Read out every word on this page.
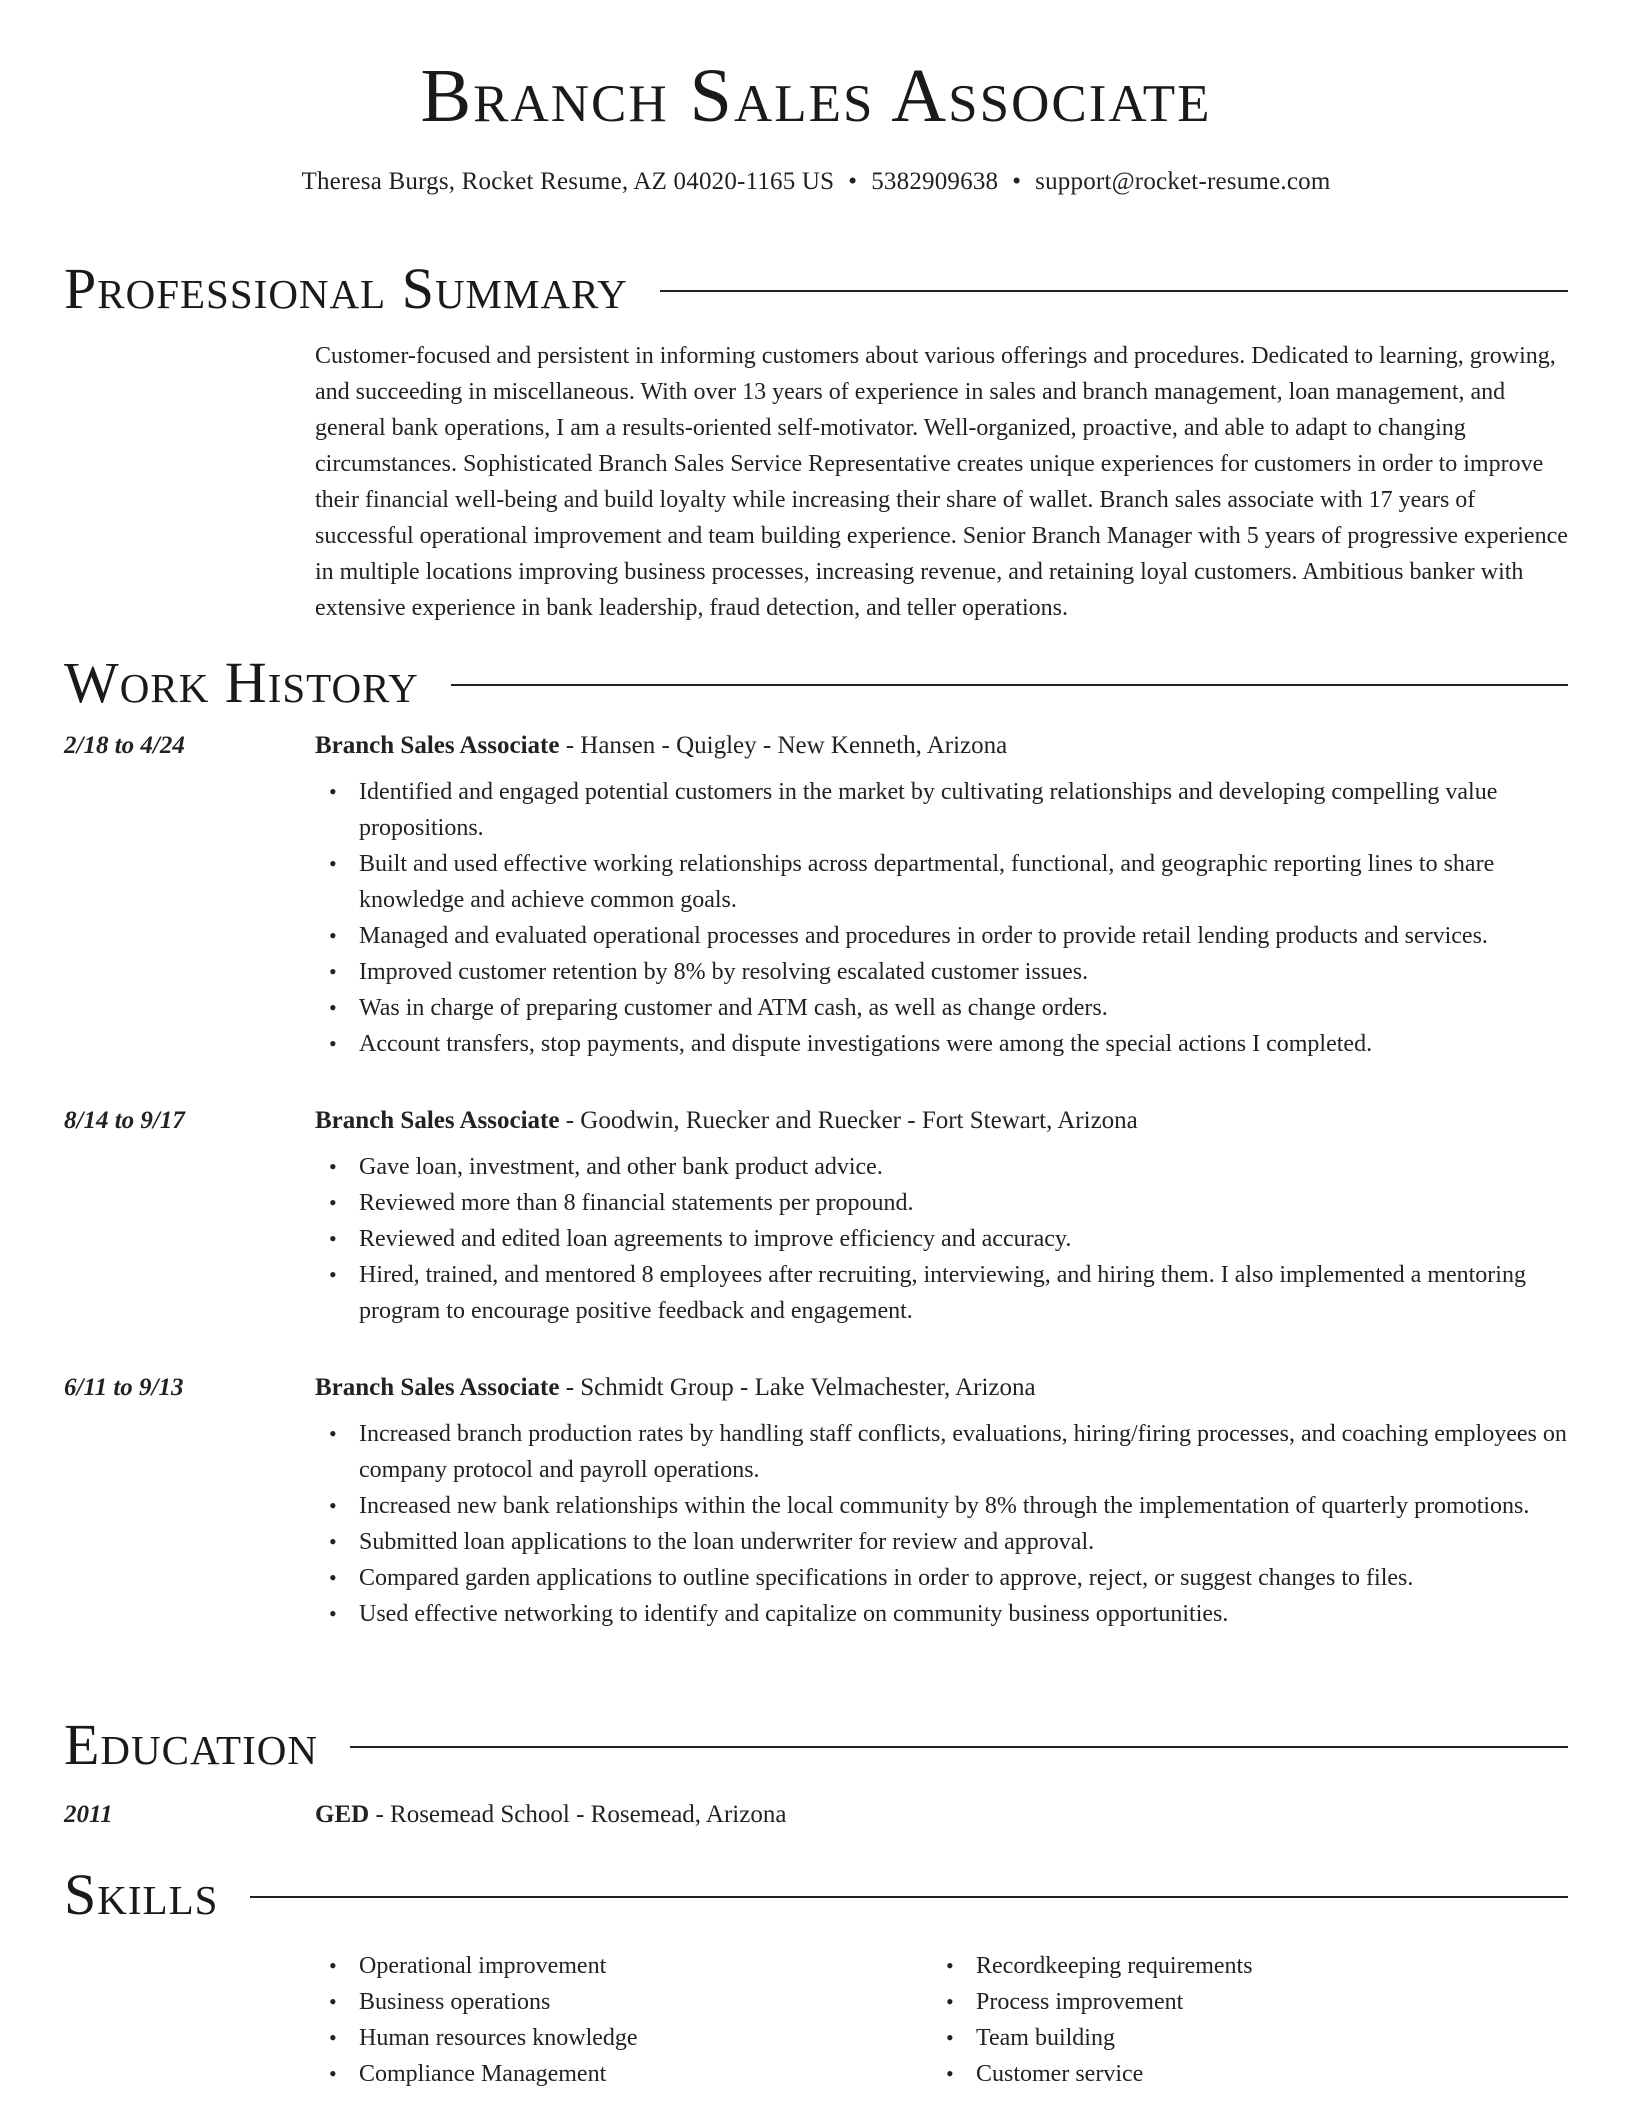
Branch Sales Associate
Theresa Burgs, Rocket Resume, AZ 04020-1165 US • 5382909638 • support@rocket-resume.com
Professional Summary

Customer-focused and persistent in informing customers about various offerings and procedures. Dedicated to learning, growing, and succeeding in miscellaneous. With over 13 years of experience in sales and branch management, loan management, and general bank operations, I am a results-oriented self-motivator. Well-organized, proactive, and able to adapt to changing circumstances. Sophisticated Branch Sales Service Representative creates unique experiences for customers in order to improve their financial well-being and build loyalty while increasing their share of wallet. Branch sales associate with 17 years of successful operational improvement and team building experience. Senior Branch Manager with 5 years of progressive experience in multiple locations improving business processes, increasing revenue, and retaining loyal customers. Ambitious banker with extensive experience in bank leadership, fraud detection, and teller operations.

Work History
2/18 to 4/24	Branch Sales Associate - Hansen - Quigley - New Kenneth, Arizona
• Identified and engaged potential customers in the market by cultivating relationships and developing compelling value propositions.
• Built and used effective working relationships across departmental, functional, and geographic reporting lines to share knowledge and achieve common goals.
• Managed and evaluated operational processes and procedures in order to provide retail lending products and services.
• Improved customer retention by 8% by resolving escalated customer issues.
• Was in charge of preparing customer and ATM cash, as well as change orders.
• Account transfers, stop payments, and dispute investigations were among the special actions I completed.
8/14 to 9/17	Branch Sales Associate - Goodwin, Ruecker and Ruecker - Fort Stewart, Arizona
• Gave loan, investment, and other bank product advice.
• Reviewed more than 8 financial statements per propound.
• Reviewed and edited loan agreements to improve efficiency and accuracy.
• Hired, trained, and mentored 8 employees after recruiting, interviewing, and hiring them. I also implemented a mentoring program to encourage positive feedback and engagement.
6/11 to 9/13	Branch Sales Associate - Schmidt Group - Lake Velmachester, Arizona
• Increased branch production rates by handling staff conflicts, evaluations, hiring/firing processes, and coaching employees on company protocol and payroll operations.
• Increased new bank relationships within the local community by 8% through the implementation of quarterly promotions.
• Submitted loan applications to the loan underwriter for review and approval.
• Compared garden applications to outline specifications in order to approve, reject, or suggest changes to files.
• Used effective networking to identify and capitalize on community business opportunities.
Education
2011	GED - Rosemead School - Rosemead, Arizona
Skills
• Operational improvement
• Business operations
• Human resources knowledge
• Compliance Management
• Recordkeeping requirements
• Process improvement
• Team building
• Customer service
